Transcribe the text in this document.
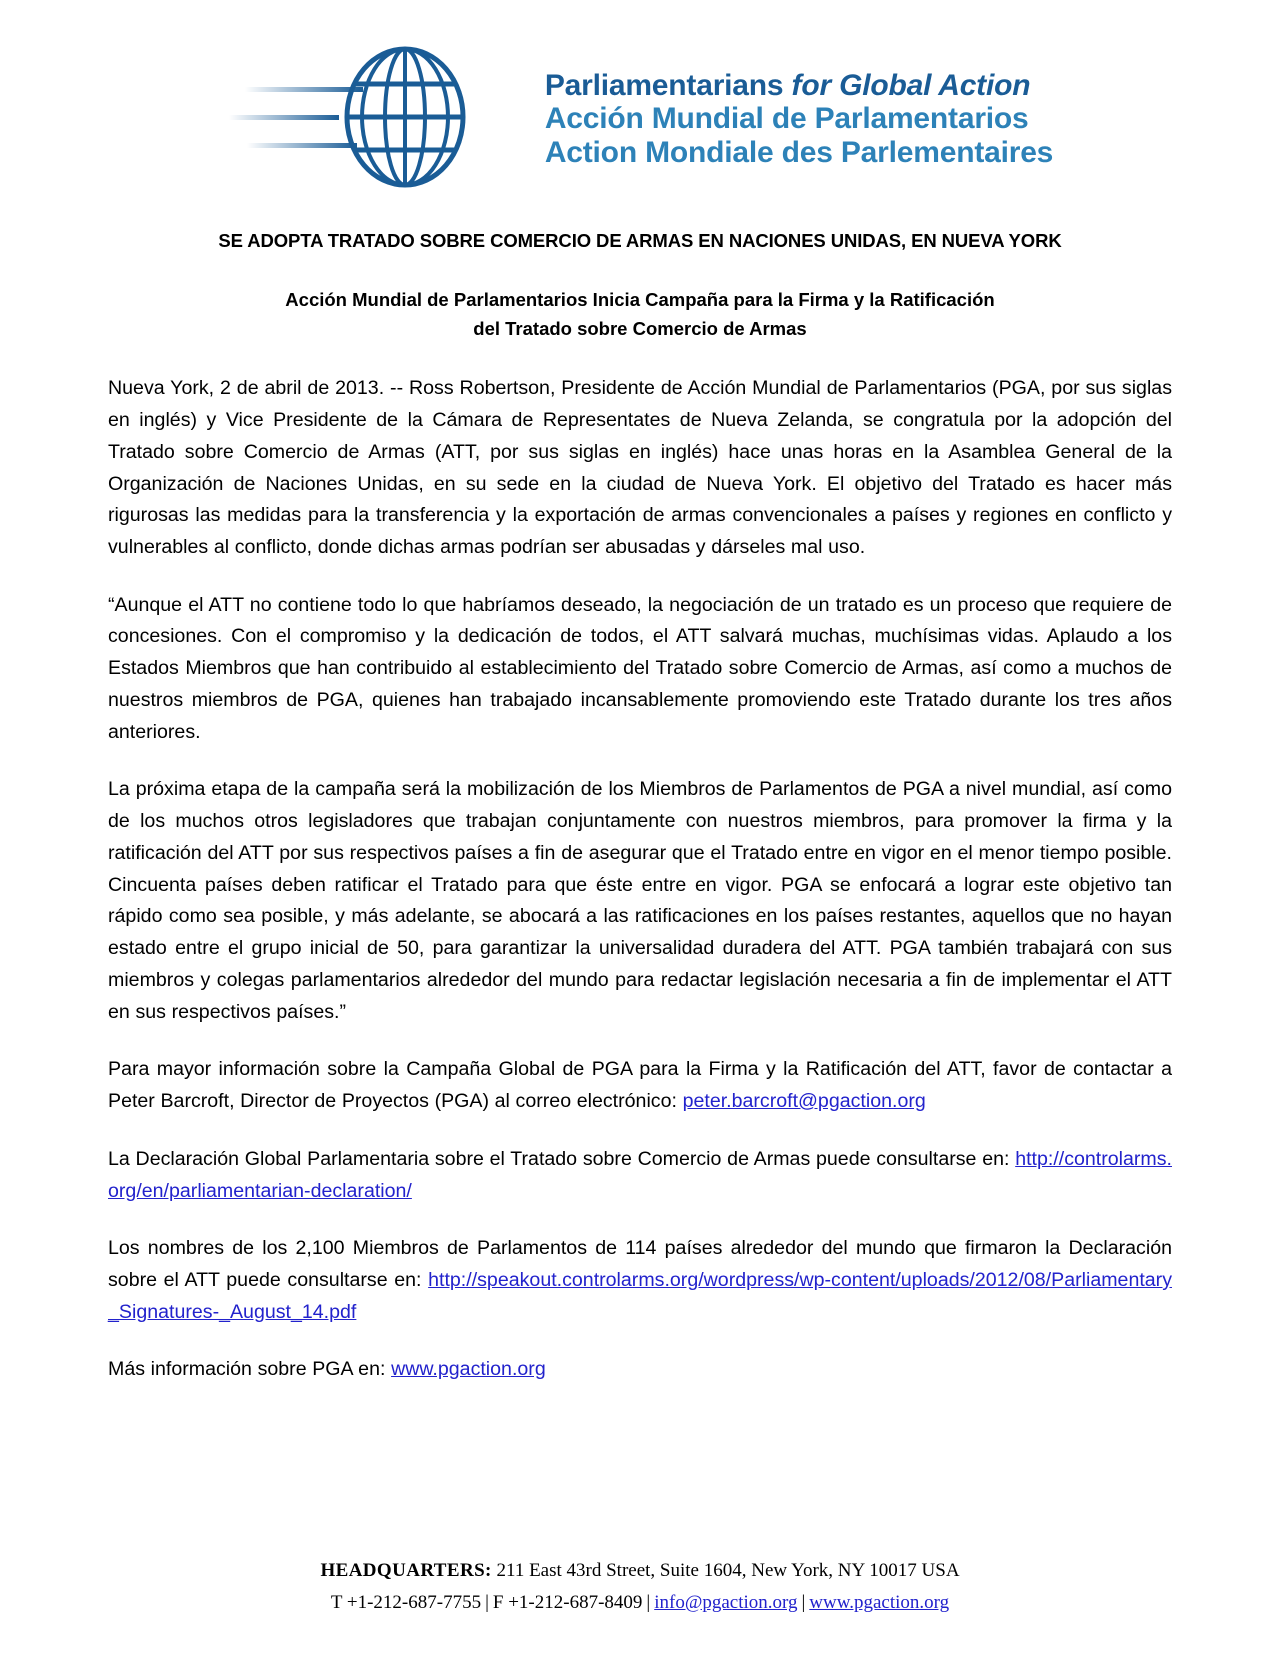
Parliamentarians for Global Action
Acción Mundial de Parlamentarios
Action Mondiale des Parlementaires
SE ADOPTA TRATADO SOBRE COMERCIO DE ARMAS EN NACIONES UNIDAS, EN NUEVA YORK
Acción Mundial de Parlamentarios Inicia Campaña para la Firma y la Ratificación
del Tratado sobre Comercio de Armas

Nueva York, 2 de abril de 2013. -- Ross Robertson, Presidente de Acción Mundial de Parlamentarios (PGA, por sus siglas en inglés) y Vice Presidente de la Cámara de Representates de Nueva Zelanda, se congratula por la adopción del Tratado sobre Comercio de Armas (ATT, por sus siglas en inglés) hace unas horas en la Asamblea General de la Organización de Naciones Unidas, en su sede en la ciudad de Nueva York. El objetivo del Tratado es hacer más rigurosas las medidas para la transferencia y la exportación de armas convencionales a países y regiones en conflicto y vulnerables al conflicto, donde dichas armas podrían ser abusadas y dárseles mal uso.

“Aunque el ATT no contiene todo lo que habríamos deseado, la negociación de un tratado es un proceso que requiere de concesiones. Con el compromiso y la dedicación de todos, el ATT salvará muchas, muchísimas vidas. Aplaudo a los Estados Miembros que han contribuido al establecimiento del Tratado sobre Comercio de Armas, así como a muchos de nuestros miembros de PGA, quienes han trabajado incansablemente promoviendo este Tratado durante los tres años anteriores.

La próxima etapa de la campaña será la mobilización de los Miembros de Parlamentos de PGA a nivel mundial, así como de los muchos otros legisladores que trabajan conjuntamente con nuestros miembros, para promover la firma y la ratificación del ATT por sus respectivos países a fin de asegurar que el Tratado entre en vigor en el menor tiempo posible. Cincuenta países deben ratificar el Tratado para que éste entre en vigor. PGA se enfocará a lograr este objetivo tan rápido como sea posible, y más adelante, se abocará a las ratificaciones en los países restantes, aquellos que no hayan estado entre el grupo inicial de 50, para garantizar la universalidad duradera del ATT. PGA también trabajará con sus miembros y colegas parlamentarios alrededor del mundo para redactar legislación necesaria a fin de implementar el ATT en sus respectivos países.”

Para mayor información sobre la Campaña Global de PGA para la Firma y la Ratificación del ATT, favor de contactar a Peter Barcroft, Director de Proyectos (PGA) al correo electrónico: peter.barcroft@pgaction.org

La Declaración Global Parlamentaria sobre el Tratado sobre Comercio de Armas puede consultarse en: http://controlarms.org/en/parliamentarian-declaration/

Los nombres de los 2,100 Miembros de Parlamentos de 114 países alrededor del mundo que firmaron la Declaración sobre el ATT puede consultarse en: http://speakout.controlarms.org/wordpress/wp-content/uploads/2012/08/Parliamentary_Signatures-_August_14.pdf

Más información sobre PGA en: www.pgaction.org

HEADQUARTERS: 211 East 43rd Street, Suite 1604, New York, NY 10017 USA
T +1-212-687-7755 | F +1-212-687-8409 | info@pgaction.org | www.pgaction.org
